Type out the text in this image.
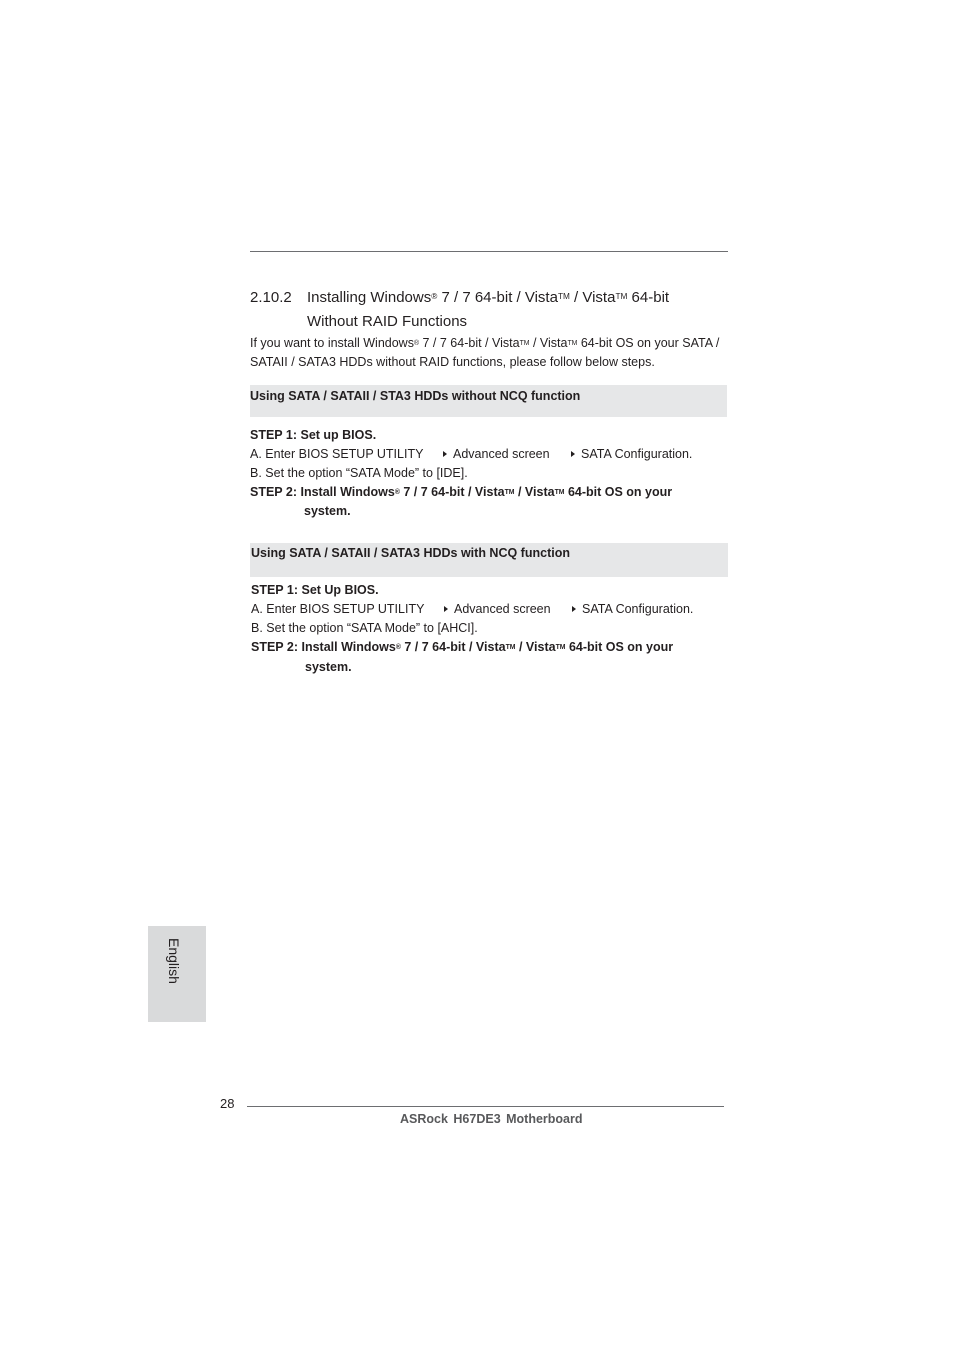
2.10.2 Installing Windows® 7 / 7 64-bit / Vista™ / Vista™ 64-bit
Without RAID Functions
If you want to install Windows® 7 / 7 64-bit / Vista™ / Vista™ 64-bit OS on your SATA / SATAII / SATA3 HDDs without RAID functions, please follow below steps.
Using SATA / SATAII / STA3 HDDs without NCQ function
STEP 1: Set up BIOS.
A. Enter BIOS SETUP UTILITY	Advanced screen	SATA Configuration.
B. Set the option “SATA Mode” to [IDE].
STEP 2: Install Windows® 7 / 7 64-bit / Vista™ / Vista™ 64-bit OS on your
system.
Using SATA / SATAII / SATA3 HDDs with NCQ function
STEP 1: Set Up BIOS.
A. Enter BIOS SETUP UTILITY	Advanced screen	SATA Configuration.
B. Set the option “SATA Mode” to [AHCI].
STEP 2: Install Windows® 7 / 7 64-bit / Vista™ / Vista™ 64-bit OS on your
system.
English
28
ASRock H67DE3 Motherboard
